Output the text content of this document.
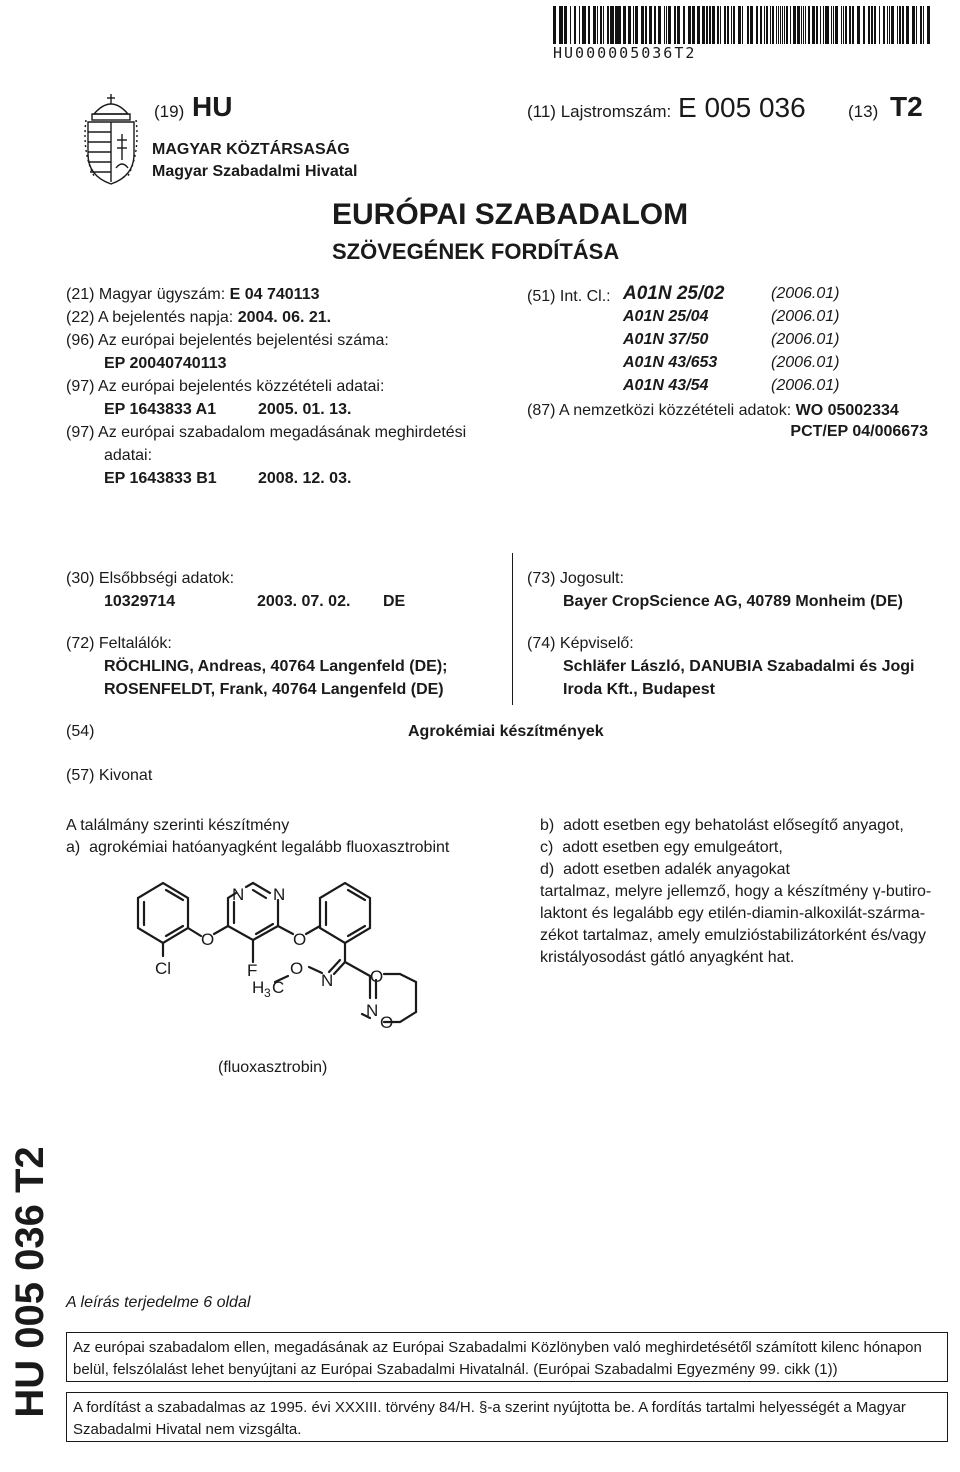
HU000005036T2
(19) HU
MAGYAR KÖZTÁRSASÁG
Magyar Szabadalmi Hivatal
(11) Lajstromszám: E 005 036 (13) T2
EURÓPAI SZABADALOM
SZÖVEGÉNEK FORDÍTÁSA
(21) Magyar ügyszám: E 04 740113
(22) A bejelentés napja: 2004. 06. 21.
(96) Az európai bejelentés bejelentési száma:
EP 20040740113
(97) Az európai bejelentés közzétételi adatai:
EP 1643833 A1	2005. 01. 13.
(97) Az európai szabadalom megadásának meghirdetési
adatai:
EP 1643833 B1	2008. 12. 03.
(51) Int. Cl.: A01N 25/02	(2006.01)
A01N 25/04	(2006.01)
A01N 37/50	(2006.01)
A01N 43/653	(2006.01)
A01N 43/54	(2006.01)
(87) A nemzetközi közzétételi adatok: WO 05002334
PCT/EP 04/006673
(30) Elsőbbségi adatok:
10329714	2003. 07. 02. DE
(72) Feltalálók:
RÖCHLING, Andreas, 40764 Langenfeld (DE);
ROSENFELDT, Frank, 40764 Langenfeld (DE)
(73) Jogosult:
Bayer CropScience AG, 40789 Monheim (DE)
(74) Képviselő:
Schläfer László, DANUBIA Szabadalmi és Jogi
Iroda Kft., Budapest
(54)	Agrokémiai készítmények
(57) Kivonat
A találmány szerinti készítmény
a)  agrokémiai hatóanyagként legalább fluoxasztrobint
b)  adott esetben egy behatolást elősegítő anyagot,
c)  adott esetben egy emulgeátort,
d)  adott esetben adalék anyagokat
tartalmaz, melyre jellemző, hogy a készítmény γ-butiro-
laktont és legalább egy etilén-diamin-alkoxilát-szárma-
zékot tartalmaz, amely emulzióstabilizátorként és/vagy
kristályosodást gátló anyagként hat.
Cl
O
N N
F
O
H 3 C
O
N O
N
O
(fluoxasztrobin)
HU 005 036 T2 A leírás terjedelme 6 oldal
Az európai szabadalom ellen, megadásának az Európai Szabadalmi Közlönyben való meghirdetésétől számított kilenc hónapon belül, felszólalást lehet benyújtani az Európai Szabadalmi Hivatalnál. (Európai Szabadalmi Egyezmény 99. cikk (1))
A fordítást a szabadalmas az 1995. évi XXXIII. törvény 84/H. §-a szerint nyújtotta be. A fordítás tartalmi helyességét a Magyar Szabadalmi Hivatal nem vizsgálta.
